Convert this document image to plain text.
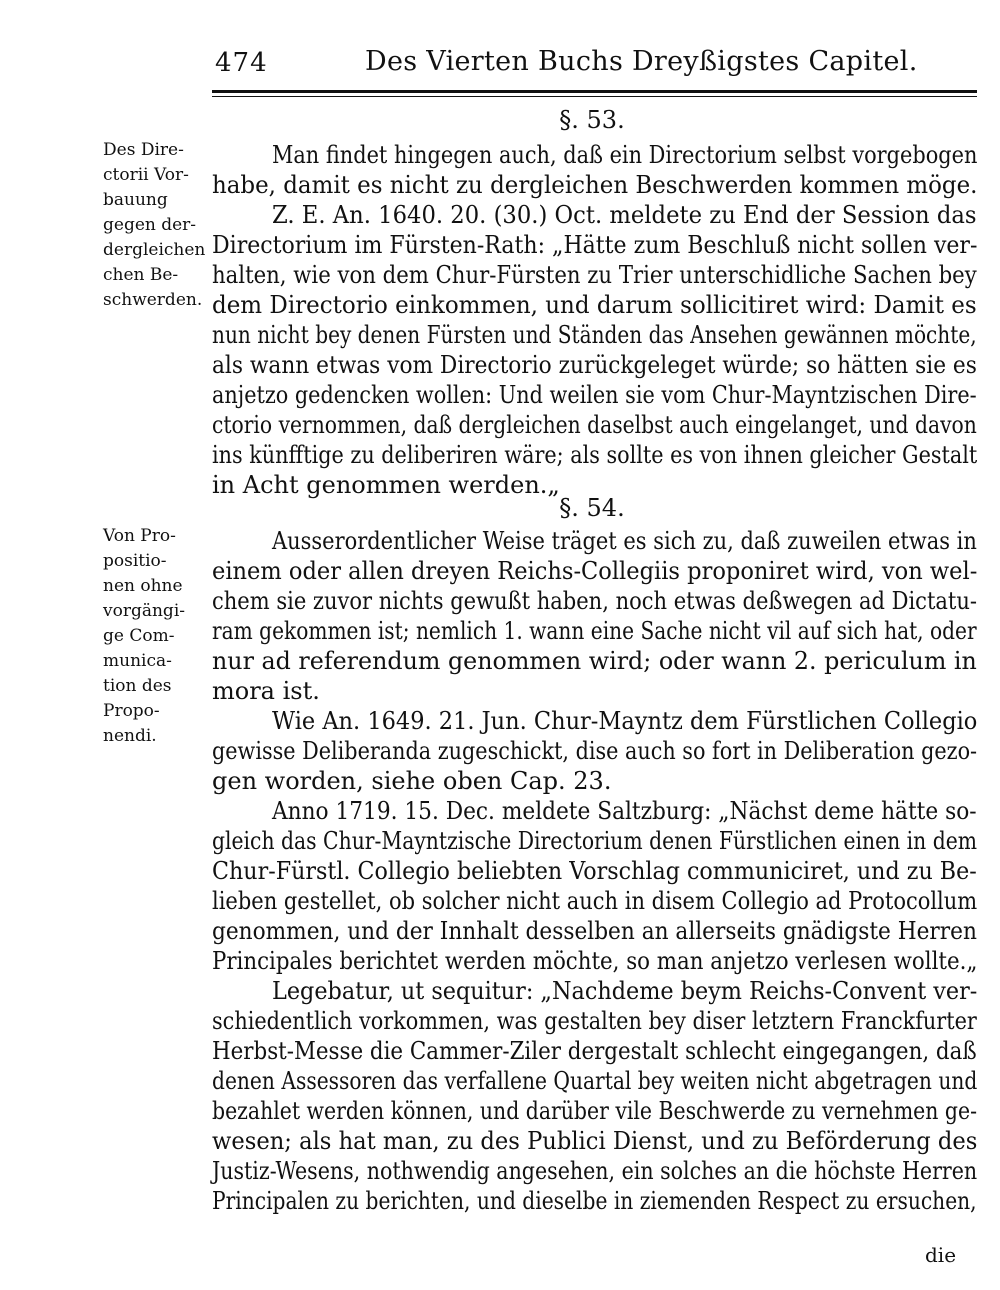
474	Des Vierten Buchs Dreyßigstes Capitel.
§. 53.
Des Dire-
ctorii Vor-
bauung
gegen der-
dergleichen
chen Be-
schwerden.
Man findet hingegen auch, daß ein Directorium selbst vorgebogen
habe, damit es nicht zu dergleichen Beschwerden kommen möge.
Z. E. An. 1640. 20. (30.) Oct. meldete zu End der Session das
Directorium im Fürsten-Rath: „Hätte zum Beschluß nicht sollen ver-
halten, wie von dem Chur-Fürsten zu Trier unterschidliche Sachen bey
dem Directorio einkommen, und darum sollicitiret wird: Damit es
nun nicht bey denen Fürsten und Ständen das Ansehen gewännen möchte,
als wann etwas vom Directorio zurückgeleget würde; so hätten sie es
anjetzo gedencken wollen: Und weilen sie vom Chur-Mayntzischen Dire-
ctorio vernommen, daß dergleichen daselbst auch eingelanget, und davon
ins künfftige zu deliberiren wäre; als sollte es von ihnen gleicher Gestalt
in Acht genommen werden.„
§. 54.
Von Pro-
positio-
nen ohne
vorgängi-
ge Com-
munica-
tion des
Propo-
nendi.
Ausserordentlicher Weise träget es sich zu, daß zuweilen etwas in
einem oder allen dreyen Reichs-Collegiis proponiret wird, von wel-
chem sie zuvor nichts gewußt haben, noch etwas deßwegen ad Dictatu-
ram gekommen ist; nemlich 1. wann eine Sache nicht vil auf sich hat, oder
nur ad referendum genommen wird; oder wann 2. periculum in
mora ist.
Wie An. 1649. 21. Jun. Chur-Mayntz dem Fürstlichen Collegio
gewisse Deliberanda zugeschickt, dise auch so fort in Deliberation gezo-
gen worden, siehe oben Cap. 23.
Anno 1719. 15. Dec. meldete Saltzburg: „Nächst deme hätte so-
gleich das Chur-Mayntzische Directorium denen Fürstlichen einen in dem
Chur-Fürstl. Collegio beliebten Vorschlag communiciret, und zu Be-
lieben gestellet, ob solcher nicht auch in disem Collegio ad Protocollum
genommen, und der Innhalt desselben an allerseits gnädigste Herren
Principales berichtet werden möchte, so man anjetzo verlesen wollte.„
Legebatur, ut sequitur: „Nachdeme beym Reichs-Convent ver-
schiedentlich vorkommen, was gestalten bey diser letztern Franckfurter
Herbst-Messe die Cammer-Ziler dergestalt schlecht eingegangen, daß
denen Assessoren das verfallene Quartal bey weiten nicht abgetragen und
bezahlet werden können, und darüber vile Beschwerde zu vernehmen ge-
wesen; als hat man, zu des Publici Dienst, und zu Beförderung des
Justiz-Wesens, nothwendig angesehen, ein solches an die höchste Herren
Principalen zu berichten, und dieselbe in ziemenden Respect zu ersuchen,
die
